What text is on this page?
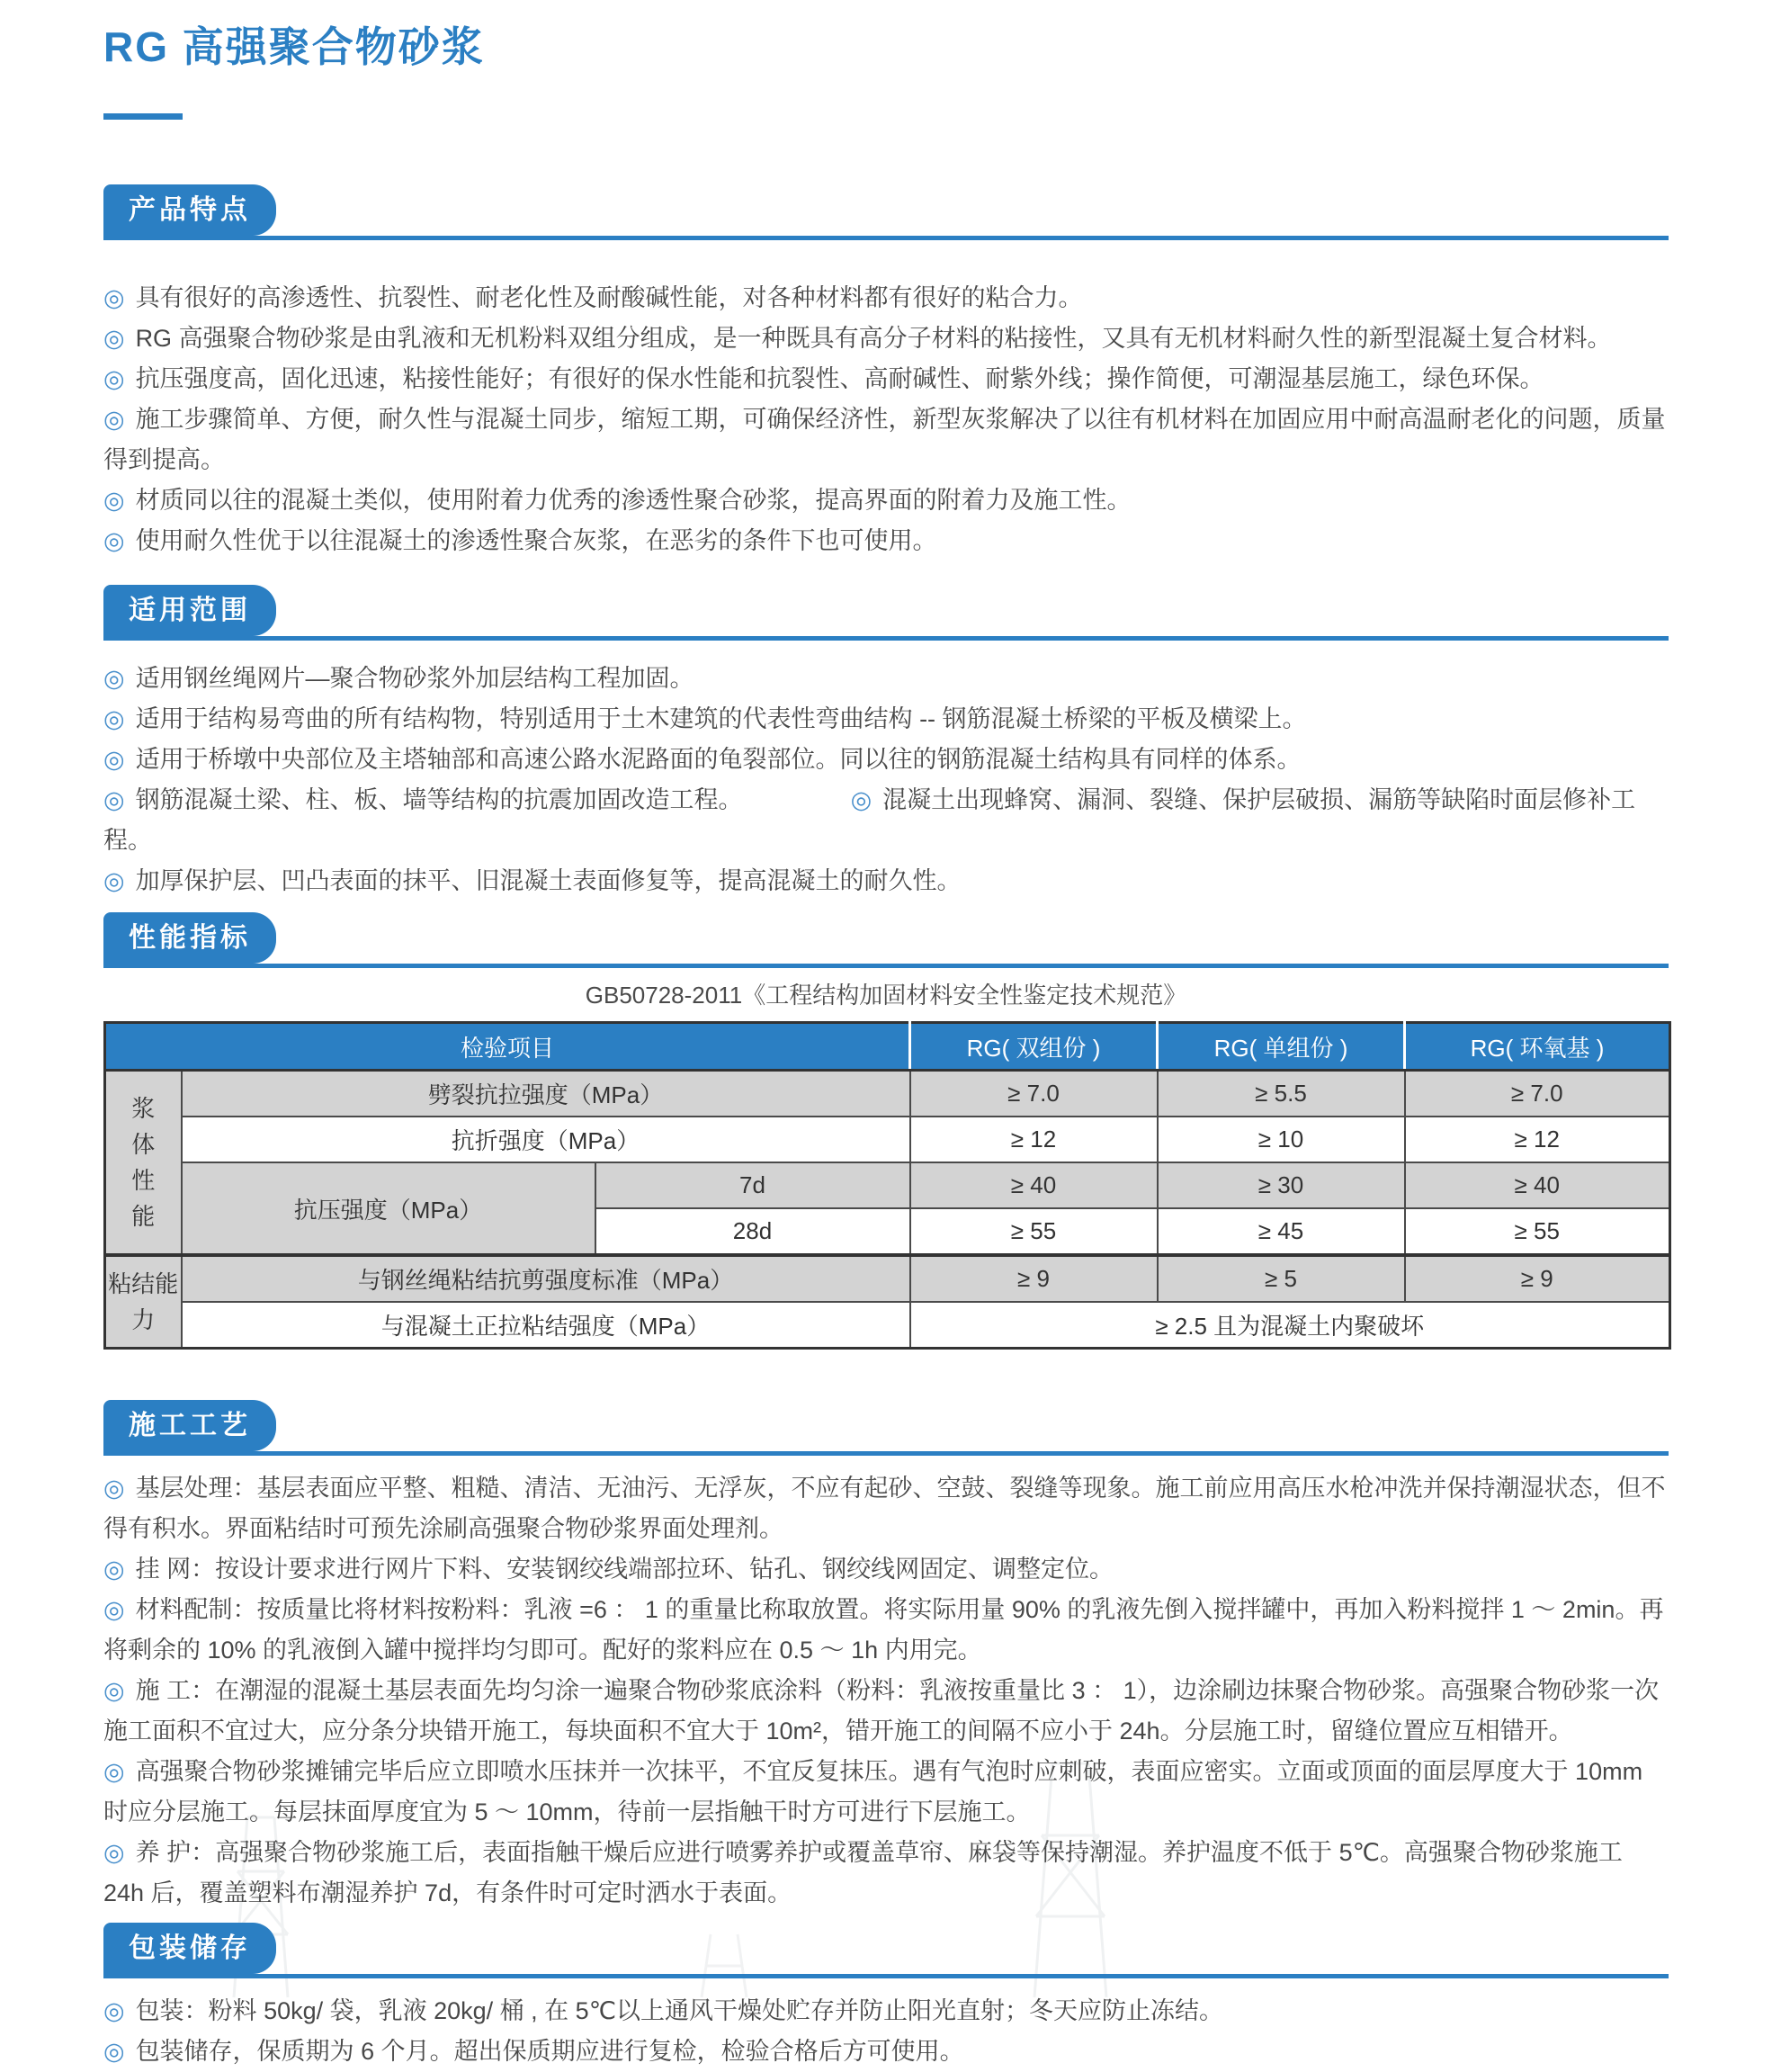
RG 高强聚合物砂浆
产品特点

◎ 具有很好的高渗透性、抗裂性、耐老化性及耐酸碱性能，对各种材料都有很好的粘合力。

◎ RG 高强聚合物砂浆是由乳液和无机粉料双组分组成，是一种既具有高分子材料的粘接性，又具有无机材料耐久性的新型混凝土复合材料。

◎ 抗压强度高，固化迅速，粘接性能好；有很好的保水性能和抗裂性、高耐碱性、耐紫外线；操作简便，可潮湿基层施工，绿色环保。

◎ 施工步骤简单、方便，耐久性与混凝土同步，缩短工期，可确保经济性，新型灰浆解决了以往有机材料在加固应用中耐高温耐老化的问题，质量得到提高。

◎ 材质同以往的混凝土类似，使用附着力优秀的渗透性聚合砂浆，提高界面的附着力及施工性。

◎ 使用耐久性优于以往混凝土的渗透性聚合灰浆，在恶劣的条件下也可使用。

适用范围

◎ 适用钢丝绳网片—聚合物砂浆外加层结构工程加固。

◎ 适用于结构易弯曲的所有结构物，特别适用于土木建筑的代表性弯曲结构 -- 钢筋混凝土桥梁的平板及横梁上。

◎ 适用于桥墩中央部位及主塔轴部和高速公路水泥路面的龟裂部位。同以往的钢筋混凝土结构具有同样的体系。

◎ 钢筋混凝土梁、柱、板、墙等结构的抗震加固改造工程。	◎ 混凝土出现蜂窝、漏洞、裂缝、保护层破损、漏筋等缺陷时面层修补工程。

◎ 加厚保护层、凹凸表面的抹平、旧混凝土表面修复等，提高混凝土的耐久性。

性能指标
GB50728-2011《工程结构加固材料安全性鉴定技术规范》
检验项目			RG( 双组份 )	RG( 单组份 )	RG( 环氧基 )
浆
体
性
能	劈裂抗拉强度（MPa）		≥ 7.0	≥ 5.5	≥ 7.0
	抗折强度（MPa）		≥ 12	≥ 10	≥ 12
	抗压强度（MPa）	7d	≥ 40	≥ 30	≥ 40
		28d	≥ 55	≥ 45	≥ 55
粘结能
力	与钢丝绳粘结抗剪强度标准（MPa）		≥ 9	≥ 5	≥ 9
	与混凝土正拉粘结强度（MPa）		≥ 2.5 且为混凝土内聚破坏		
施工工艺

◎ 基层处理：基层表面应平整、粗糙、清洁、无油污、无浮灰，不应有起砂、空鼓、裂缝等现象。施工前应用高压水枪冲洗并保持潮湿状态，但不得有积水。界面粘结时可预先涂刷高强聚合物砂浆界面处理剂。

◎ 挂 网：按设计要求进行网片下料、安装钢绞线端部拉环、钻孔、钢绞线网固定、调整定位。

◎ 材料配制：按质量比将材料按粉料：乳液 =6 ： 1 的重量比称取放置。将实际用量 90% 的乳液先倒入搅拌罐中，再加入粉料搅拌 1 ～ 2min。再将剩余的 10% 的乳液倒入罐中搅拌均匀即可。配好的浆料应在 0.5 ～ 1h 内用完。

◎ 施 工：在潮湿的混凝土基层表面先均匀涂一遍聚合物砂浆底涂料（粉料：乳液按重量比 3 ： 1），边涂刷边抹聚合物砂浆。高强聚合物砂浆一次施工面积不宜过大，应分条分块错开施工，每块面积不宜大于 10m²，错开施工的间隔不应小于 24h。分层施工时，留缝位置应互相错开。

◎ 高强聚合物砂浆摊铺完毕后应立即喷水压抹并一次抹平，不宜反复抹压。遇有气泡时应刺破，表面应密实。立面或顶面的面层厚度大于 10mm 时应分层施工。每层抹面厚度宜为 5 ～ 10mm，待前一层指触干时方可进行下层施工。

◎ 养 护：高强聚合物砂浆施工后，表面指触干燥后应进行喷雾养护或覆盖草帘、麻袋等保持潮湿。养护温度不低于 5℃。高强聚合物砂浆施工 24h 后，覆盖塑料布潮湿养护 7d，有条件时可定时洒水于表面。

包装储存

◎ 包装：粉料 50kg/ 袋，乳液 20kg/ 桶 , 在 5℃以上通风干燥处贮存并防止阳光直射；冬天应防止冻结。

◎ 包装储存，保质期为 6 个月。超出保质期应进行复检，检验合格后方可使用。
